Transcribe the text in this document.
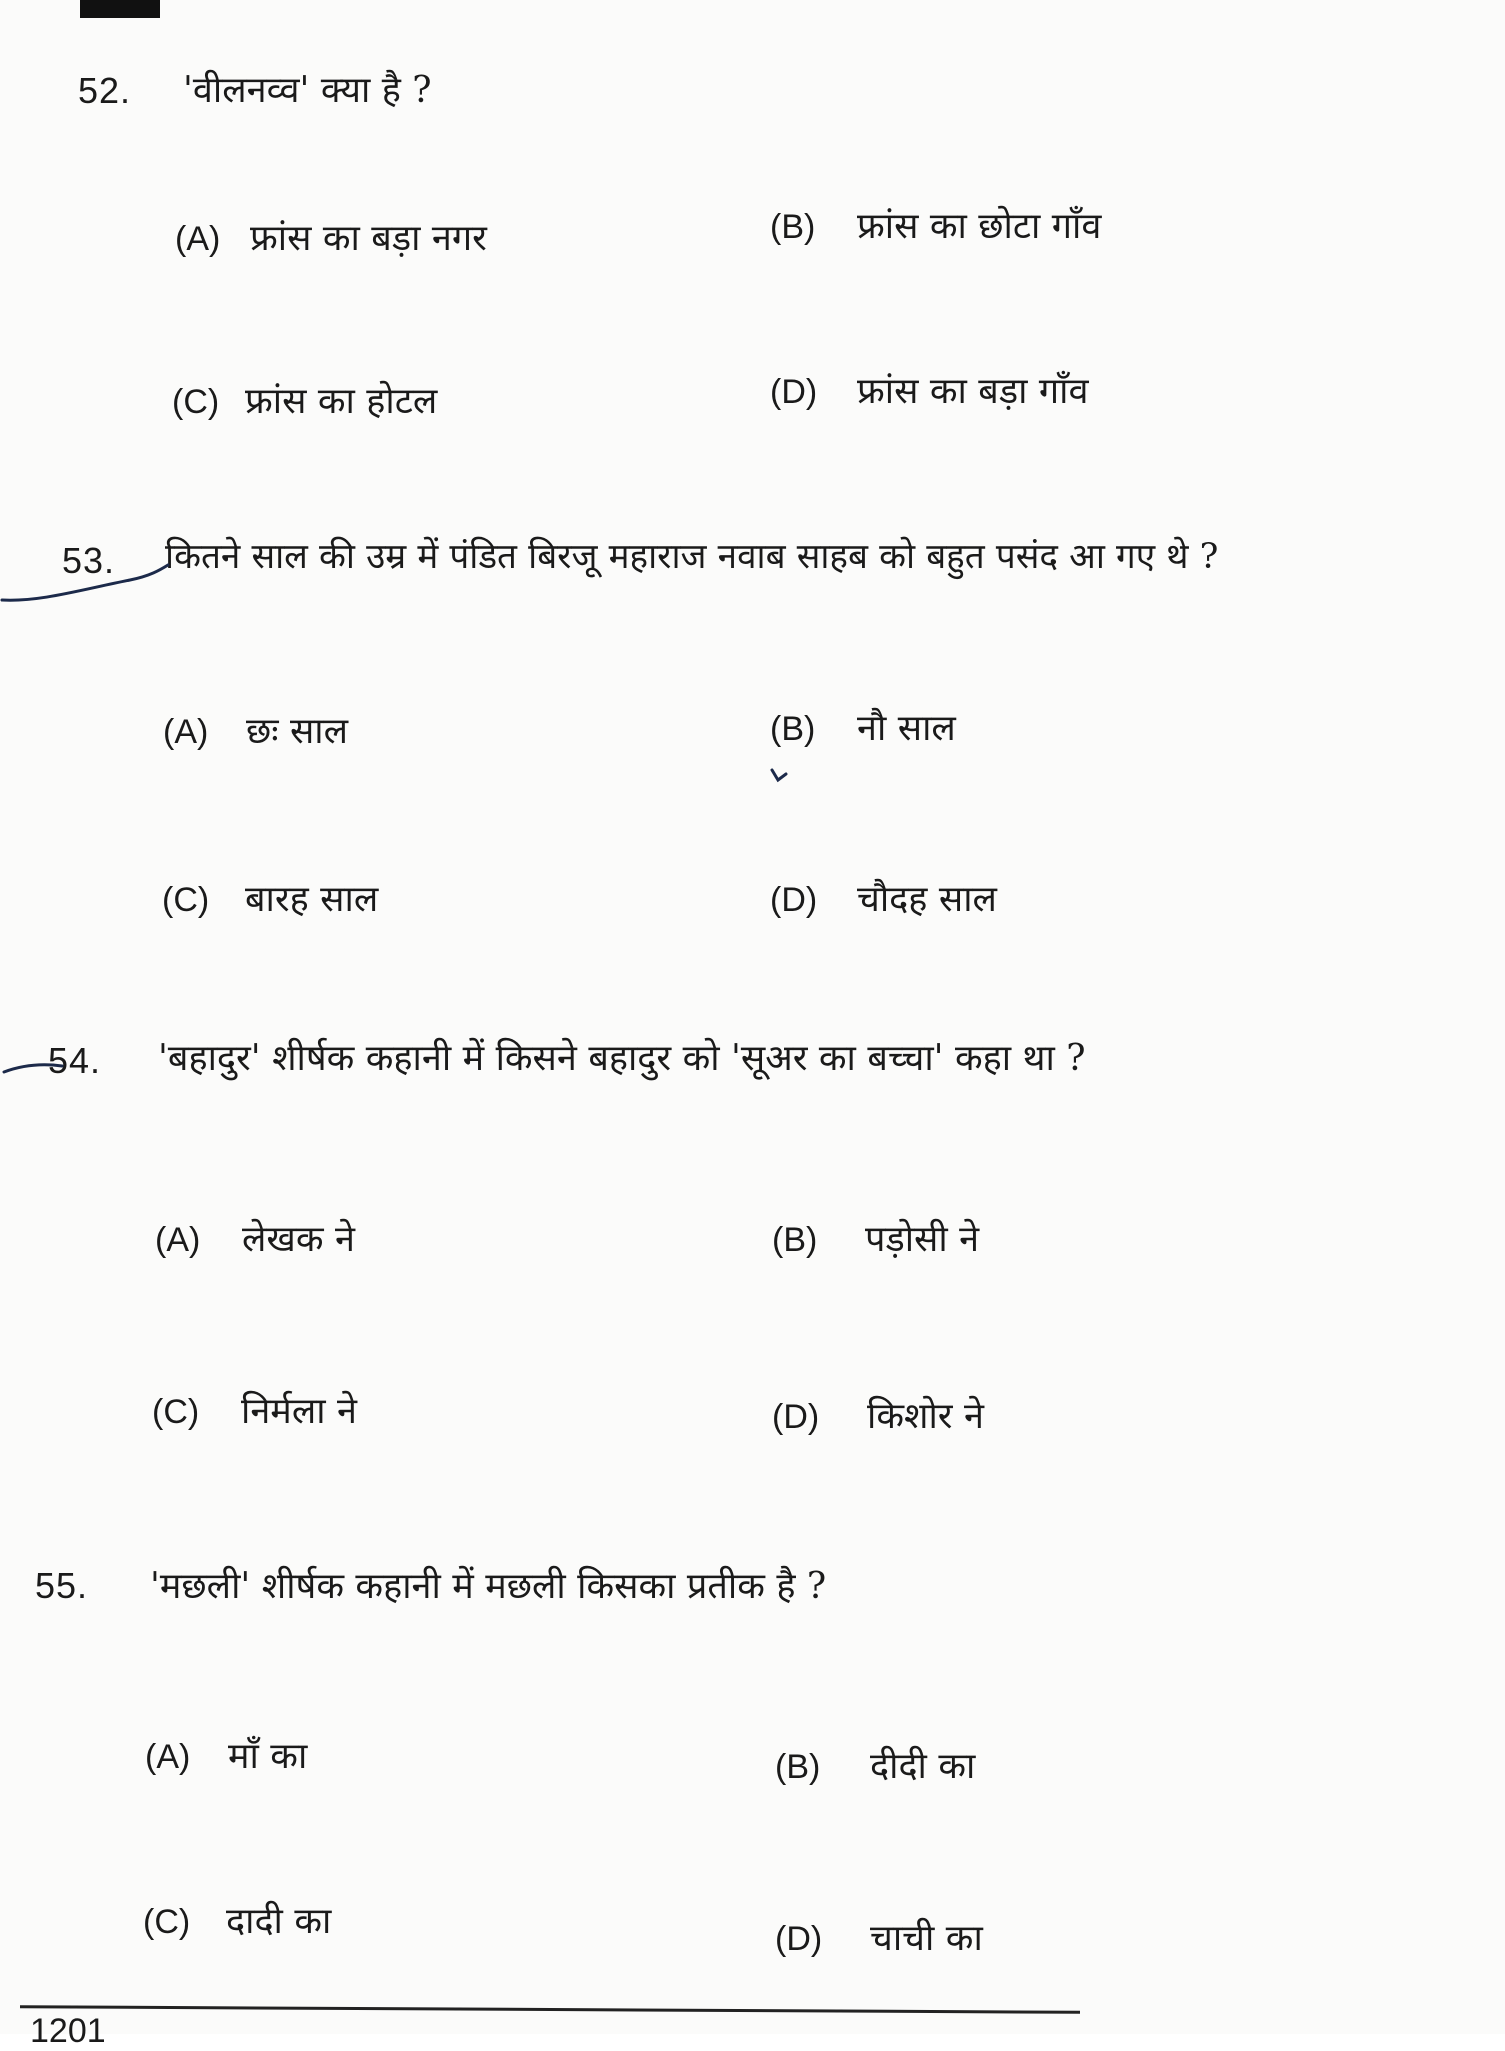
52. 'वीलनव्व' क्या है ?
(A) फ्रांस का बड़ा नगर	(B)	फ्रांस का छोटा गाँव
(C) फ्रांस का होटल	(D)	फ्रांस का बड़ा गाँव
53. कितने साल की उम्र में पंडित बिरजू महाराज नवाब साहब को बहुत पसंद आ गए थे ?
(A)	छः साल	(B)	नौ साल
(C) बारह साल	(D)	चौदह साल
54. 'बहादुर' शीर्षक कहानी में किसने बहादुर को 'सूअर का बच्चा' कहा था ?
(A)	लेखक ने	(B)	पड़ोसी ने
(C)	निर्मला ने	(D)	किशोर ने
55. 'मछली' शीर्षक कहानी में मछली किसका प्रतीक है ?
(A)	माँ का	(B)	दीदी का
(C) दादी का	(D)	चाची का
1201
